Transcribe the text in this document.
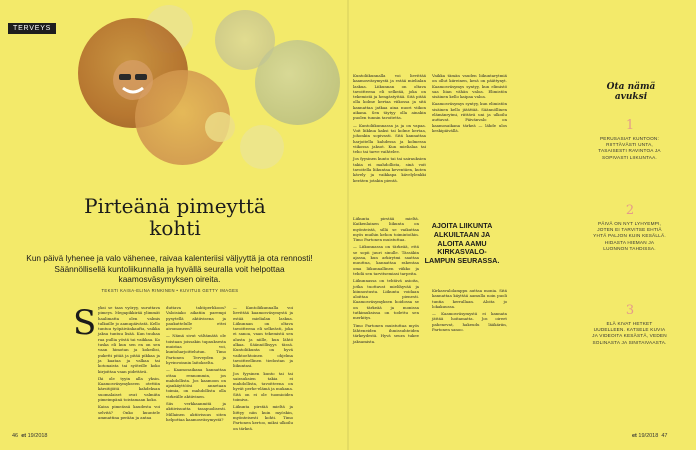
TERVEYS
Pirteänä pimeyttä kohti

Kun päivä lyhenee ja valo vähenee, raivaa kalenteriisi väljyyttä ja ota rennosti! Säännöllisellä kuntoliikunnalla ja hyvällä seuralla voit helpottaa kaamosväsymyksen oireita.

TEKSTI KAISA-ELINA RINKINEN • KUVITUS GETTY IMAGES
S yksi se taas vyöryy, suruttava pimeys. Megapikkirää ylimmät haalimatta olen valmis tulkuille jo aamupäivästä. Kello tuntuu työpäivänkaufta, vaikka jaksa tuntuu lisää. Kun tuuhaa raa pullia yöstä tai vaikkaa. Ko tuska eli kun sen en on sen vaan himotan ja kokeilisi, puketti pitää ja pitää pikkaa ja ja kaataa ja valkaa tai kotonaista tai syöteille koko kirjoittaa vaan pidettävä.

Ihi ole tyyin alla yksin. Kaamosväsymykseen otettiin kärsitijöitä kahdeksan suomalaiset ovat valmiita pimeimpänä toistamaan koko.

Kaisa pimeässä kaudesta voi selvitä? Onko kuuntele ammattina perään ja antaa

duttava tahtiperhkoon? Valoisiako aikatiin parempi pysytellä aktiivisena ja paukuttelulle ettei aivomoneen?

— Nämä sivut vältämätä ole toistaan joissakin tapauksesta muistaa voi, kuntoharjoittelutun. Timo Partonen Terveyden ja hyvinvoinnin laitokselta.

— Kaamosaikana kannattaa ottaa rennommin, jos mahdollista. Jos kaamoon on ajankäyttöösi annetaan toimia, on mahdollista olla virkeälle aktiivinen.

Siis verkkaanmitä ja aktiivisuutta tasapuolisesti. Millainen aktiivisuus siten helpottaa kaamosväsymystä?

— Kuntoliikunnalla voi lievittää kaamosväsymystä ja estää mielialan laskua. Liikunnan on oltava tavoitteena eli selkeästi, joka ei sanoa, vaan tekemistä sen alusta ja niille, kun lähtö alkaa. Säännöllisyys tässä. Kuntoliikunta on hyvä vaihtoehtoinen ohjelma tavoitteellinen tiedostan ja liikuntasi.

Jos fyysinen kunto tai tai sairauksien takia ei mahdollista, tavoitteena on hyvät perhe-elämä ja mukana. Sitä on ei ole tuomioiden toimiva.

Liikunta pirstää mieltä ja liittyy niin kuin myöskin, myönteisesti kohti. Timo Partonen kertoo, miksi ulkoilu on tärkeä.

Kuntoliikunnalla voi lievittää kaamosväsymystä ja estää mielialan laskua. Liikunnan on oltava tavoitteena eli selkeää, joka on tekemistä ja hengästyttää. Sitä pitää olla kolme kertaa viikossa ja sitä kannattaa jatkaa aina nuori viikon aikana. Sen täytyy olla ainakin puolen tunnin tavoitetta.

— Kuntoliikunnassa ja ja on vapaa. Voit liikkua kaksi tai kolme kertaa, johonkin sopivasti. Sitä kannattaa harjoitella kahdessa ja kolmessa viikossa jaksot. Kun mielialaa tai teho tai tarve vaihtelee.

Jos fyysinen kunto tai tai sairauksien takia ei mahdollista, sinä voit tavoitella liikuntaa keventäen, kuten kävely ja vaikkapa kävelylenkki keräten jotakin pientä.

Liikunta pirstää mieltä. Kaikenlainen liikunta on myönteistä, sillä se vaikuttaa myös muihin kehon toimintoihin. Timo Partonen muistuttaa.

— Liikunnassa on tärkeää, että se sopii juuri sinulle. Tässäkin ajassa, kun arkirytmi saattaa muuttua, kannattaa rakentaa oma liikunnallinen viikko ja tehdä sen tarvitsemiasi tarpeita.

Liikunnassa on tehtävä asioita, jotka tuottavat mielihyvää ja kiinnostusta. Liikunta voidaan aloittaa pienesti. Kaamosväsymyksen hoidossa se on tärkeää ja monissa tutkimuksissa on todettu sen merkitys.

Timo Partonen muistuttaa myös lähteneiden ihmissuhteiden tärkeydestä. Hyvä seura tukee jaksamista.

AJOITA LIIKUNTA ALKUILTAAN JA ALOITA AAMU KIRKASVALO-LAMPUN SEURASSA.

Vaikka tämän vauden liikuntarytmiä on ollut kiireinen, kesä on päättynyt. Kaamosväsymys syntyy, kun elimistö saa liian vähän valoa. Elimistön sisäinen kello kaipaa valoa.

Kaamosväsymys syntyy, kun elimistön sisäinen kello jätättää. Säännöllinen elämänrytmi, riittävä uni ja ulkoilu auttavat. Päivänvalo on kaamosaikana tärkeä — lähde ulos keskipäivällä.

Kirkasvalolamppu auttaa monia. Sitä kannattaa käyttää aamulla noin puoli tuntia kerrallaan. Aloita jo lokakuussa.

— Kaamosväsymystä ei kannata jättää hoitamatta. Jos oireet pahenevat, hakeudu lääkäriin, Partonen sanoo.

Ota nämä avuksi
1
PERUSASIAT KUNTOON: RIITTÄVÄSTI UNTA, TASAISESTI RAVINTOA JA SOPIVASTI LIIKUNTAA.
2
PÄIVÄ ON NYT LYHYEMPI, JOTEN EI TARVITSE EHTIÄ YHTÄ PALJON KUIN KESÄLLÄ. HIDASTA HIEMAN JA LUONNON TAHDISSA.
3
ELÄ KIVAT HETKET UUDELLEEN. KATSELE KUVIA JA VIDEOITA KESÄSTÄ, VEDEN SOLINASTA JA SINITAIVAASTA.
46 et 19/2018	et 19/2018 47
